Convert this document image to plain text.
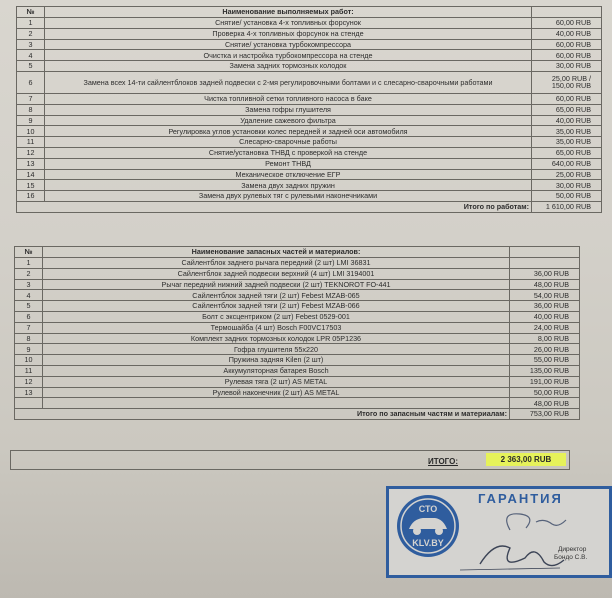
№	Наименование выполняемых работ:	
1	Снятие/ установка 4-х топливных форсунок	60,00 RUB
2	Проверка 4-х топливных форсунок на стенде	40,00 RUB
3	Снятие/ установка турбокомпрессора	60,00 RUB
4	Очистка и настройка турбокомпрессора на стенде	60,00 RUB
5	Замена задних тормозных колодок	30,00 RUB
6	Замена всех 14-ти сайлентблоков задней подвески с 2-мя регулировочными болтами и с слесарно-сварочными работами	25,00 RUB / 150,00 RUB
7	Чистка топливной сетки топливного насоса в баке	60,00 RUB
8	Замена гофры глушителя	65,00 RUB
9	Удаление сажевого фильтра	40,00 RUB
10	Регулировка углов установки колес передней и задней оси автомобиля	35,00 RUB
11	Слесарно-сварочные работы	35,00 RUB
12	Снятие/установка ТНВД с проверкой на стенде	65,00 RUB
13	Ремонт ТНВД	640,00 RUB
14	Механическое отключение ЕГР	25,00 RUB
15	Замена двух задних пружин	30,00 RUB
16	Замена двух рулевых тяг с рулевыми наконечниками	50,00 RUB
Итого по работам:		1 610,00 RUB
№	Наименование запасных частей и материалов:	
1	Сайлентблок заднего рычага передний (2 шт) LMI 36831	
2	Сайлентблок задней подвески верхний (4 шт) LMI 3194001	36,00 RUB
3	Рычаг передний нижний задней подвески (2 шт) TEKNOROT FO-441	48,00 RUB
4	Сайлентблок задней тяги (2 шт) Febest MZAB-065	54,00 RUB
5	Сайлентблок задней тяги (2 шт) Febest MZAB-066	36,00 RUB
6	Болт с эксцентриком (2 шт) Febest 0529-001	40,00 RUB
7	Термошайба (4 шт) Bosch F00VC17503	24,00 RUB
8	Комплект задних тормозных колодок LPR 05P1236	8,00 RUB
9	Гофра глушителя 55x220	26,00 RUB
10	Пружина задняя Kilen (2 шт)	55,00 RUB
11	Аккумуляторная батарея Bosch	135,00 RUB
12	Рулевая тяга (2 шт) AS METAL	191,00 RUB
13	Рулевой наконечник (2 шт) AS METAL	50,00 RUB
		48,00 RUB
Итого по запасным частям и материалам:		753,00 RUB
ИТОГО:	2 363,00 RUB
ГАРАНТИЯ
СТО
KLV.BY
Директор
Бондо С.В.
